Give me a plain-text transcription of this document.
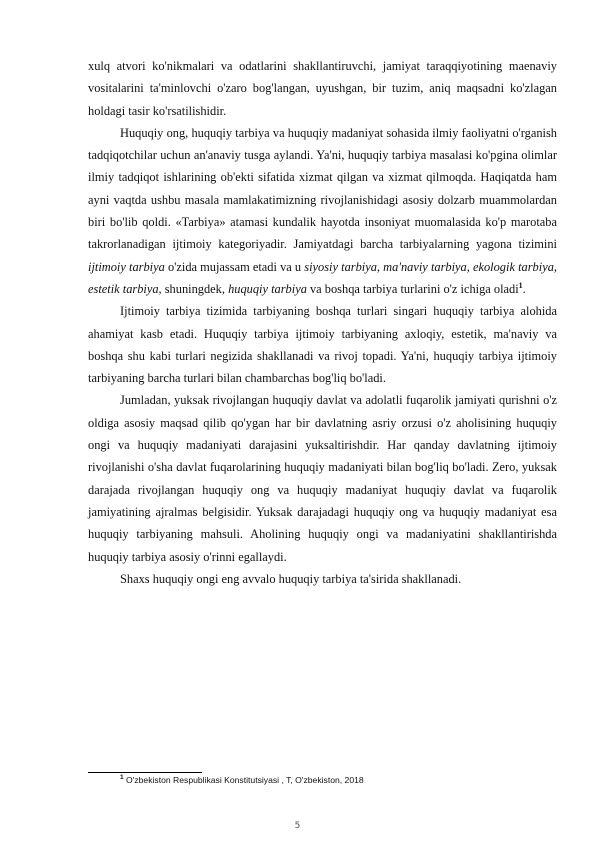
xulq atvori ko'nikmalari va odatlarini shakllantiruvchi, jamiyat taraqqiyotining maenaviy vositalarini ta'minlovchi o'zaro bog'langan, uyushgan, bir tuzim, aniq maqsadni ko'zlagan holdagi tasir ko'rsatilishidir.

Huquqiy ong, huquqiy tarbiya va huquqiy madaniyat sohasida ilmiy faoliyatni o'rganish tadqiqotchilar uchun an'anaviy tusga aylandi. Ya'ni, huquqiy tarbiya masalasi ko'pgina olimlar ilmiy tadqiqot ishlarining ob'ekti sifatida xizmat qilgan va xizmat qilmoqda. Haqiqatda ham ayni vaqtda ushbu masala mamlakatimizning rivojlanishidagi asosiy dolzarb muammolardan biri bo'lib qoldi. «Tarbiya» atamasi kundalik hayotda insoniyat muomalasida ko'p marotaba takrorlanadigan ijtimoiy kategoriyadir. Jamiyatdagi barcha tarbiyalarning yagona tizimini ijtimoiy tarbiya o'zida mujassam etadi va u siyosiy tarbiya, ma'naviy tarbiya, ekologik tarbiya, estetik tarbiya, shuningdek, huquqiy tarbiya va boshqa tarbiya turlarini o'z ichiga oladi$^1$.

Ijtimoiy tarbiya tizimida tarbiyaning boshqa turlari singari huquqiy tarbiya alohida ahamiyat kasb etadi. Huquqiy tarbiya ijtimoiy tarbiyaning axloqiy, estetik, ma'naviy va boshqa shu kabi turlari negizida shakllanadi va rivoj topadi. Ya'ni, huquqiy tarbiya ijtimoiy tarbiyaning barcha turlari bilan chambarchas bog'liq bo'ladi.

Jumladan, yuksak rivojlangan huquqiy davlat va adolatli fuqarolik jamiyati qurishni o'z oldiga asosiy maqsad qilib qo'ygan har bir davlatning asriy orzusi o'z aholisining huquqiy ongi va huquqiy madaniyati darajasini yuksaltirishdir. Har qanday davlatning ijtimoiy rivojlanishi o'sha davlat fuqarolarining huquqiy madaniyati bilan bog'liq bo'ladi. Zero, yuksak darajada rivojlangan huquqiy ong va huquqiy madaniyat huquqiy davlat va fuqarolik jamiyatining ajralmas belgisidir. Yuksak darajadagi huquqiy ong va huquqiy madaniyat esa huquqiy tarbiyaning mahsuli. Aholining huquqiy ongi va madaniyatini shakllantirishda huquqiy tarbiya asosiy o'rinni egallaydi.

Shaxs huquqiy ongi eng avvalo huquqiy tarbiya ta'sirida shakllanadi.

$^1$ O'zbekiston Respublikasi Konstitutsiyasi , T, O'zbekiston, 2018
5
